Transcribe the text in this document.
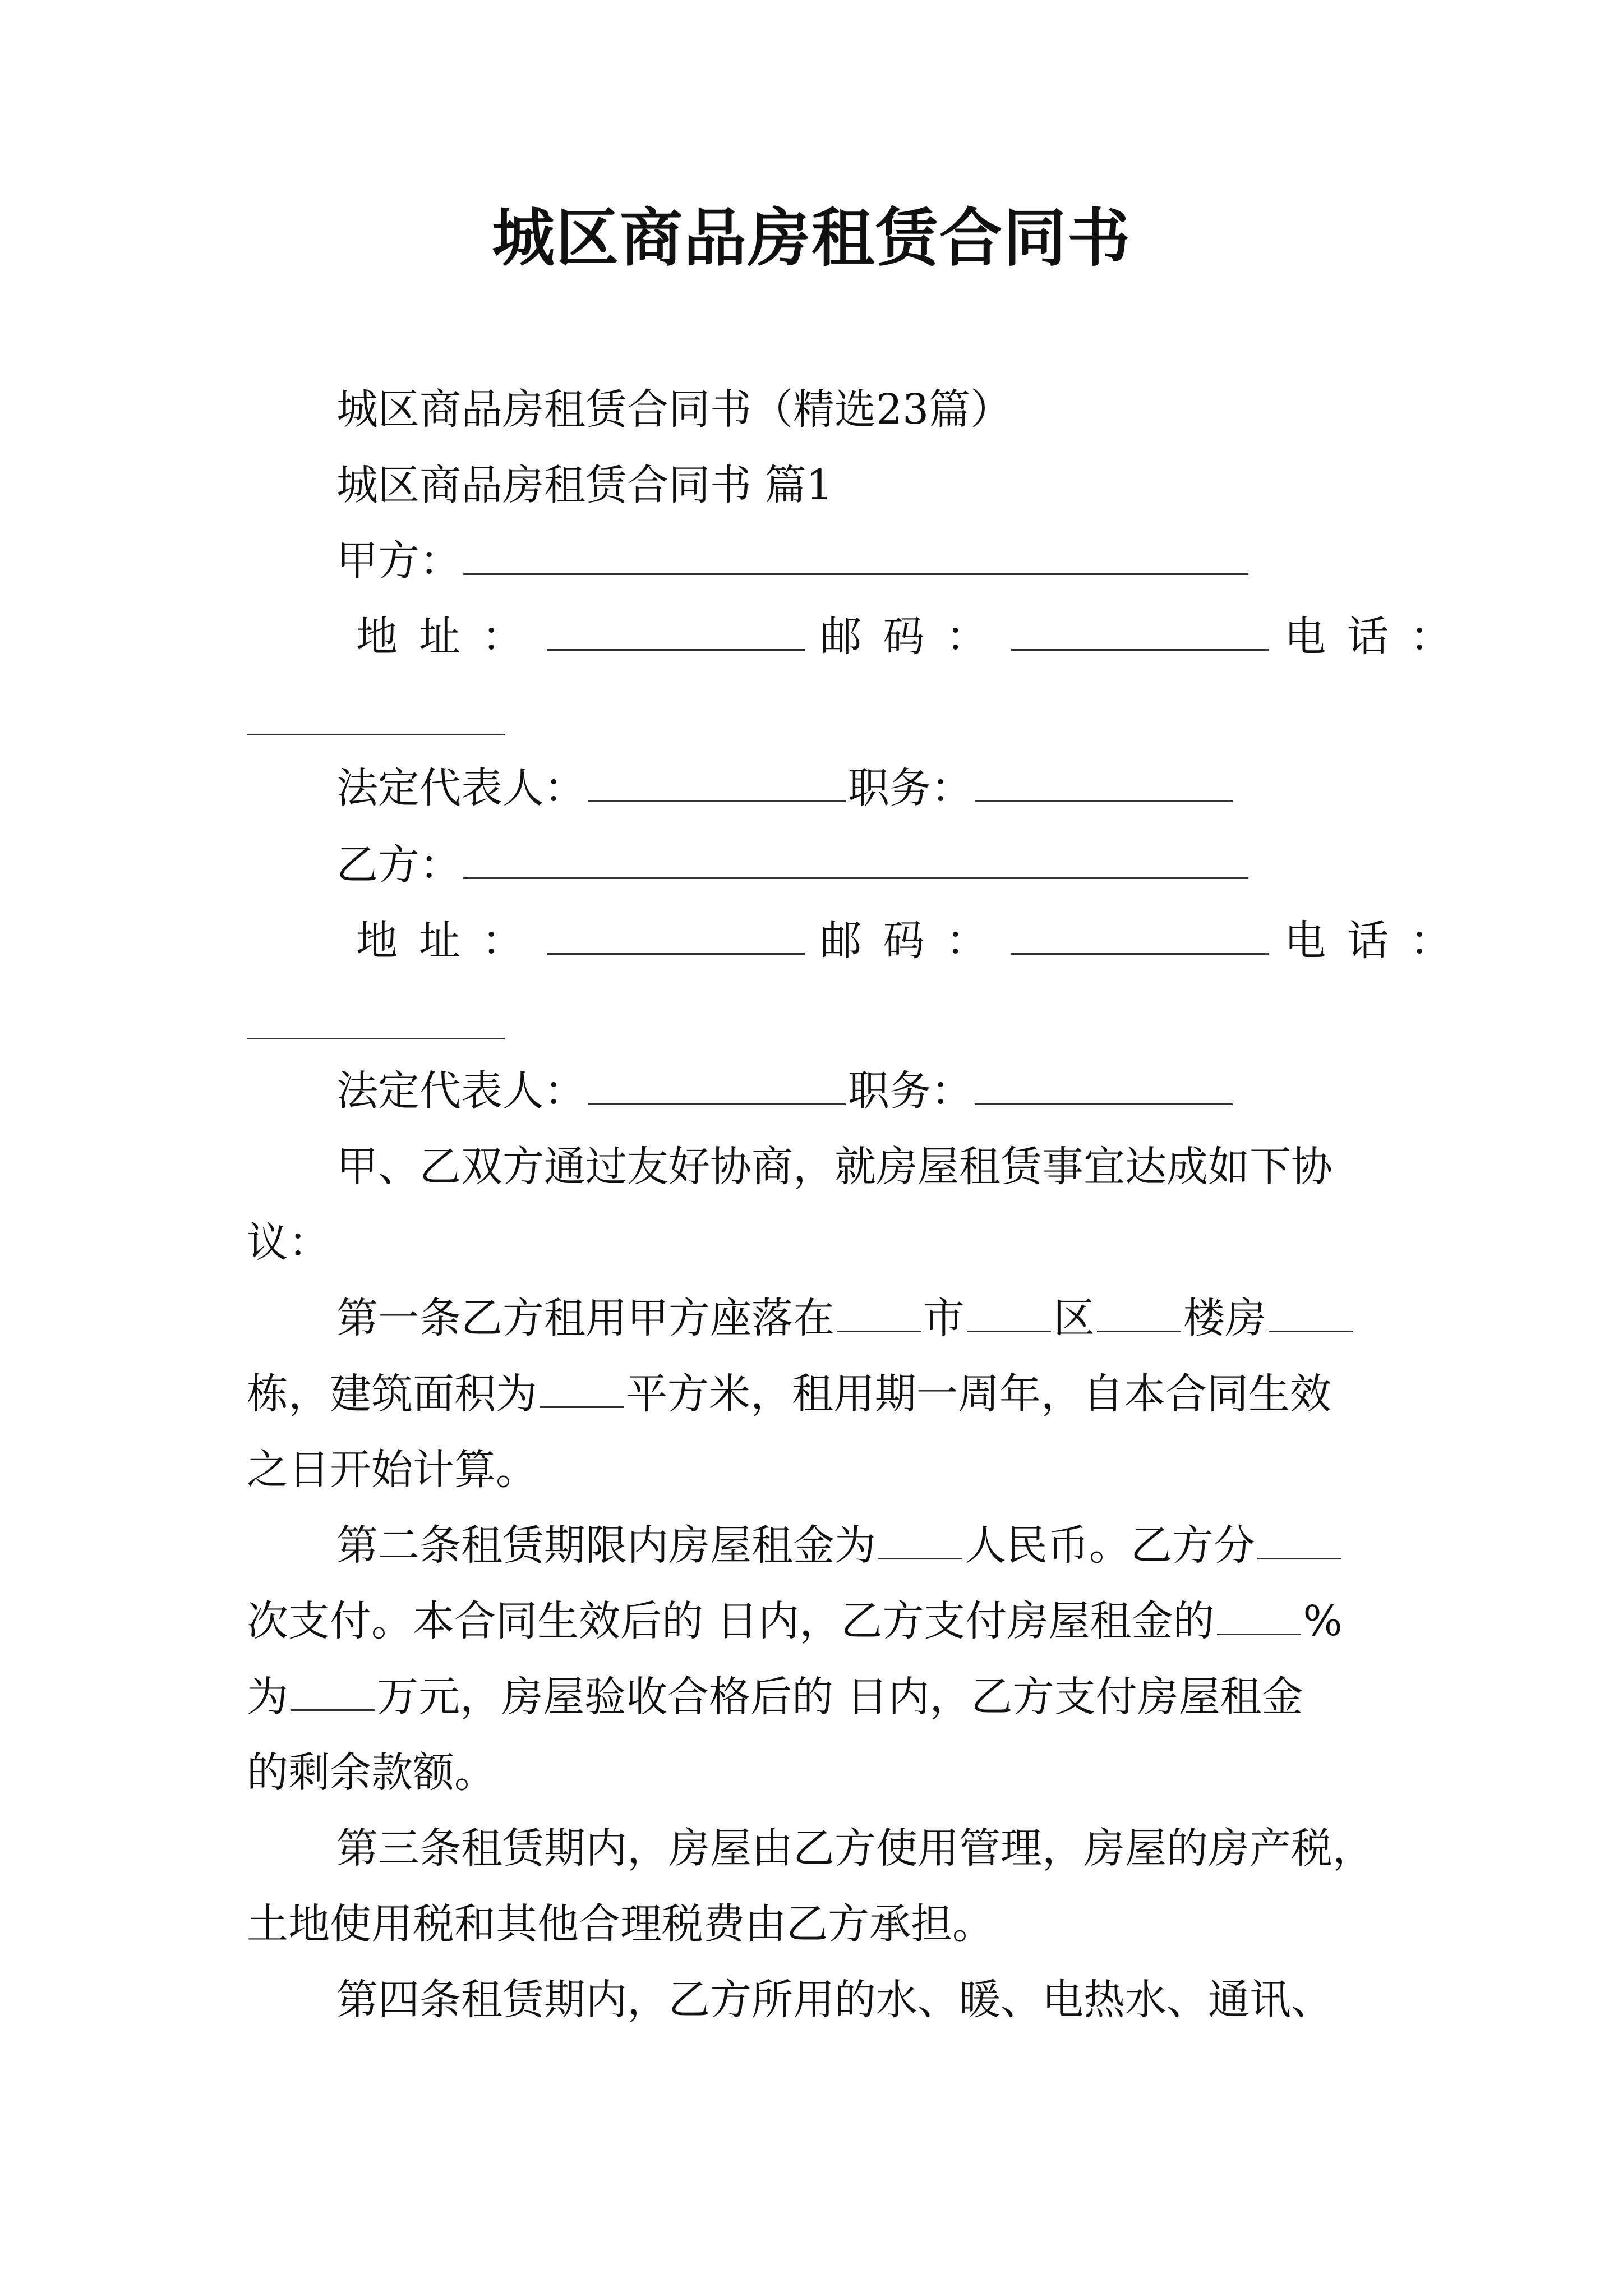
城区商品房租赁合同书
城区商品房租赁合同书（精选23篇）
城区商品房租赁合同书 篇1
甲方：
地址：	邮码：	电话：
法定代表人：	职务：
乙方：
地址：	邮码：	电话：
法定代表人：	职务：
甲、乙双方通过友好协商，就房屋租赁事宜达成如下协
议：
第一条乙方租用甲方座落在 市 区 楼房
栋，建筑面积为 平方米，租用期一周年，自本合同生效
之日开始计算。
第二条租赁期限内房屋租金为 人民币。乙方分
次支付。本合同生效后的 日内，乙方支付房屋租金的 %
为 万元，房屋验收合格后的 日内，乙方支付房屋租金
的剩余款额。
第三条租赁期内，房屋由乙方使用管理，房屋的房产税，
土地使用税和其他合理税费由乙方承担。
第四条租赁期内，乙方所用的水、暖、电热水、通讯、
